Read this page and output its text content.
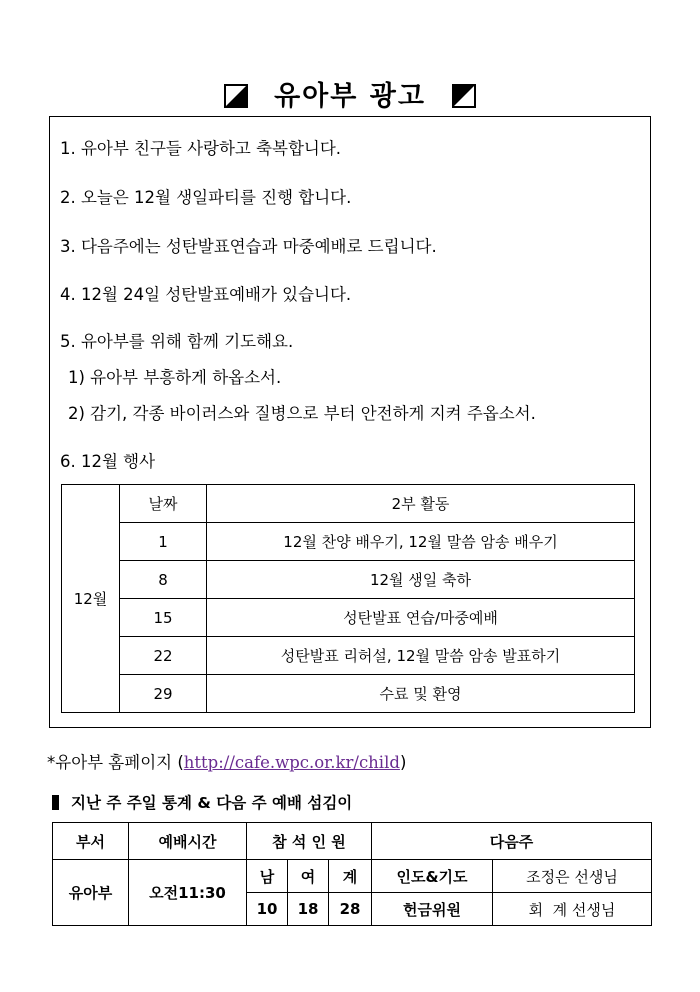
유아부 광고
1. 유아부 친구들 사랑하고 축복합니다.
2. 오늘은 12월 생일파티를 진행 합니다.
3. 다음주에는 성탄발표연습과 마중예배로 드립니다.
4. 12월 24일 성탄발표예배가 있습니다.
5. 유아부를 위해 함께 기도해요.
1) 유아부 부흥하게 하옵소서.
2) 감기, 각종 바이러스와 질병으로 부터 안전하게 지켜 주옵소서.
6. 12월 행사
12월	날짜	2부 활동
	1	12월 찬양 배우기, 12월 말씀 암송 배우기
	8	12월 생일 축하
	15	성탄발표 연습/마중예배
	22	성탄발표 리허설, 12월 말씀 암송 발표하기
	29	수료 및 환영
*유아부 홈페이지 (http://cafe.wpc.or.kr/child)
지난 주 주일 통계 & 다음 주 예배 섬김이
부서	예배시간	참 석 인 원			다음주	
유아부	오전11:30	남	여	계	인도&기도	조정은 선생님
		10	18	28	헌금위원	회  계 선생님
